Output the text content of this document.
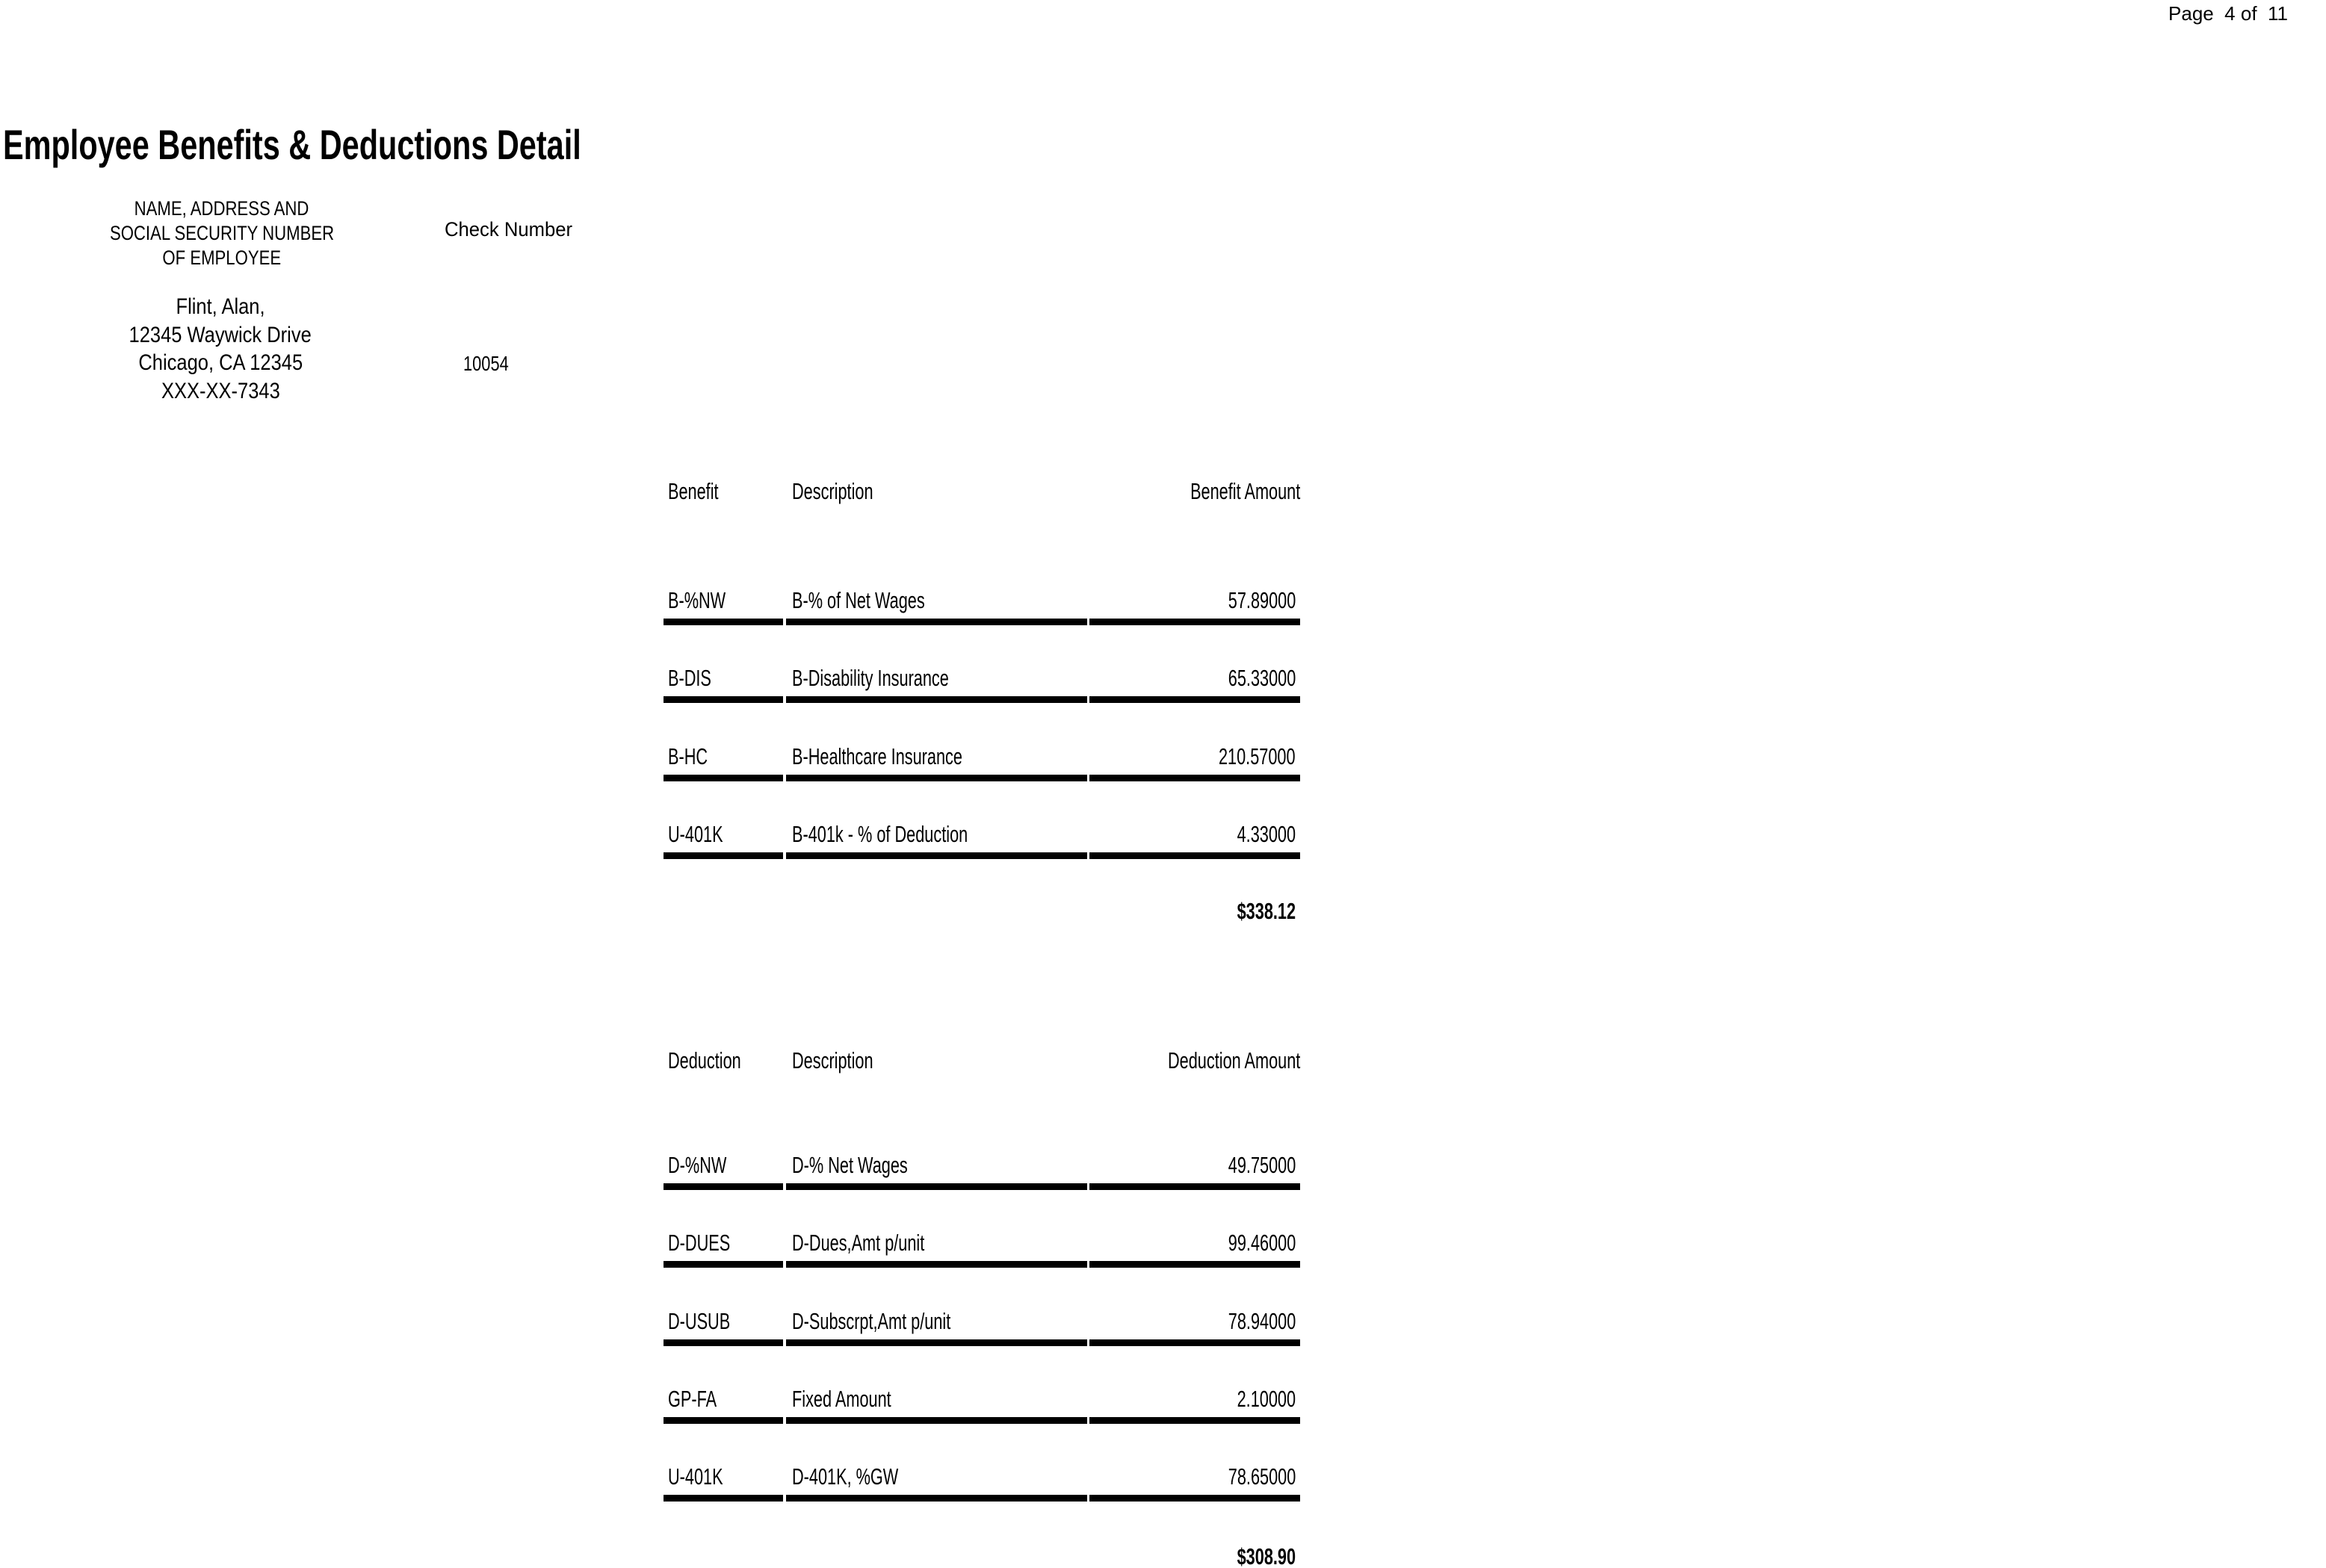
Page  4 of  11
Employee Benefits & Deductions Detail
NAME, ADDRESS AND
SOCIAL SECURITY NUMBER
OF EMPLOYEE
Check Number
Flint, Alan,
12345 Waywick Drive
Chicago, CA 12345
XXX-XX-7343
10054
Benefit	Description	Benefit Amount
$338.12
B-%NW	B-% of Net Wages	57.89000
B-DIS	B-Disability Insurance	65.33000
B-HC	B-Healthcare Insurance	210.57000
U-401K	B-401k - % of Deduction	4.33000
Deduction	Description	Deduction Amount
$308.90
D-%NW	D-% Net Wages	49.75000
D-DUES	D-Dues,Amt p/unit	99.46000
D-USUB	D-Subscrpt,Amt p/unit	78.94000
GP-FA	Fixed Amount	2.10000
U-401K	D-401K, %GW	78.65000
